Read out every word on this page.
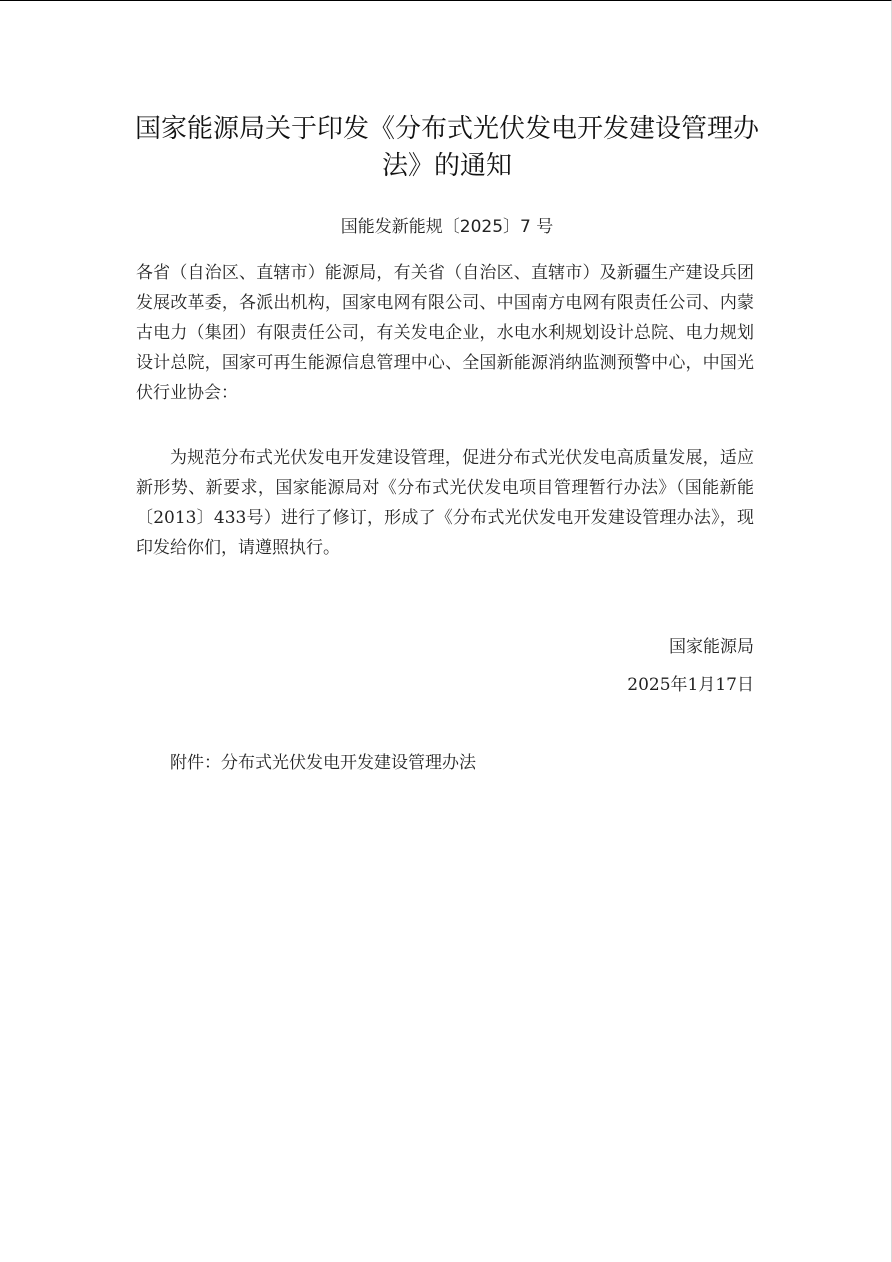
国家能源局关于印发《分布式光伏发电开发建设管理办法》的通知
国能发新能规〔2025〕7 号
各省（自治区、直辖市）能源局，有关省（自治区、直辖市）及新疆生产建设兵团发展改革委，各派出机构，国家电网有限公司、中国南方电网有限责任公司、内蒙古电力（集团）有限责任公司，有关发电企业，水电水利规划设计总院、电力规划设计总院，国家可再生能源信息管理中心、全国新能源消纳监测预警中心，中国光伏行业协会：
为规范分布式光伏发电开发建设管理，促进分布式光伏发电高质量发展，适应新形势、新要求，国家能源局对《分布式光伏发电项目管理暂行办法》（国能新能〔2013〕433号）进行了修订，形成了《分布式光伏发电开发建设管理办法》，现印发给你们，请遵照执行。
国家能源局
2025年1月17日
附件：分布式光伏发电开发建设管理办法
